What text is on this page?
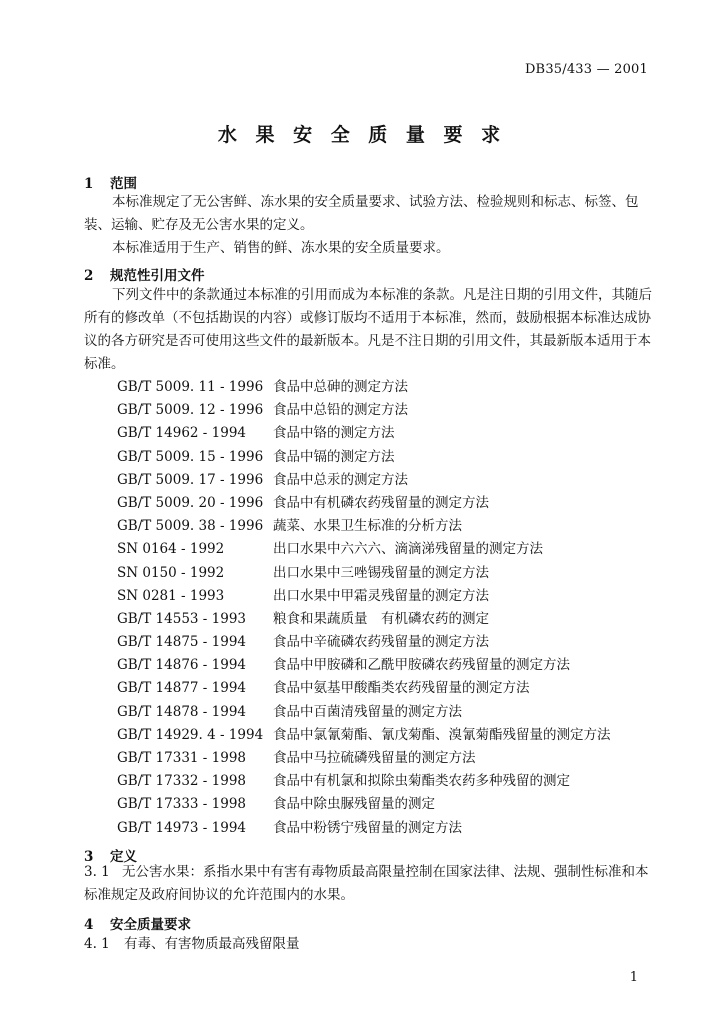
DB35/433 — 2001
水 果 安 全 质 量 要 求
1 范围
本标准规定了无公害鲜、冻水果的安全质量要求、试验方法、检验规则和标志、标签、包装、运输、贮存及无公害水果的定义。
本标准适用于生产、销售的鲜、冻水果的安全质量要求。
2 规范性引用文件
下列文件中的条款通过本标准的引用而成为本标准的条款。凡是注日期的引用文件，其随后所有的修改单（不包括勘误的内容）或修订版均不适用于本标准，然而，鼓励根据本标准达成协议的各方研究是否可使用这些文件的最新版本。凡是不注日期的引用文件，其最新版本适用于本标准。
GB/T 5009. 11 - 1996 食品中总砷的测定方法
GB/T 5009. 12 - 1996 食品中总铅的测定方法
GB/T 14962 - 1994	食品中铬的测定方法
GB/T 5009. 15 - 1996 食品中镉的测定方法
GB/T 5009. 17 - 1996 食品中总汞的测定方法
GB/T 5009. 20 - 1996 食品中有机磷农药残留量的测定方法
GB/T 5009. 38 - 1996 蔬菜、水果卫生标准的分析方法
SN 0164 - 1992	出口水果中六六六、滴滴涕残留量的测定方法
SN 0150 - 1992	出口水果中三唑锡残留量的测定方法
SN 0281 - 1993	出口水果中甲霜灵残留量的测定方法
GB/T 14553 - 1993	粮食和果蔬质量　有机磷农药的测定
GB/T 14875 - 1994	食品中辛硫磷农药残留量的测定方法
GB/T 14876 - 1994	食品中甲胺磷和乙酰甲胺磷农药残留量的测定方法
GB/T 14877 - 1994	食品中氨基甲酸酯类农药残留量的测定方法
GB/T 14878 - 1994	食品中百菌清残留量的测定方法
GB/T 14929. 4 - 1994 食品中氯氰菊酯、氰戊菊酯、溴氰菊酯残留量的测定方法
GB/T 17331 - 1998	食品中马拉硫磷残留量的测定方法
GB/T 17332 - 1998	食品中有机氯和拟除虫菊酯类农药多种残留的测定
GB/T 17333 - 1998	食品中除虫脲残留量的测定
GB/T 14973 - 1994	食品中粉锈宁残留量的测定方法
3 定义
3. 1 无公害水果：系指水果中有害有毒物质最高限量控制在国家法律、法规、强制性标准和本标准规定及政府间协议的允许范围内的水果。
4 安全质量要求
4. 1 有毒、有害物质最高残留限量
1
